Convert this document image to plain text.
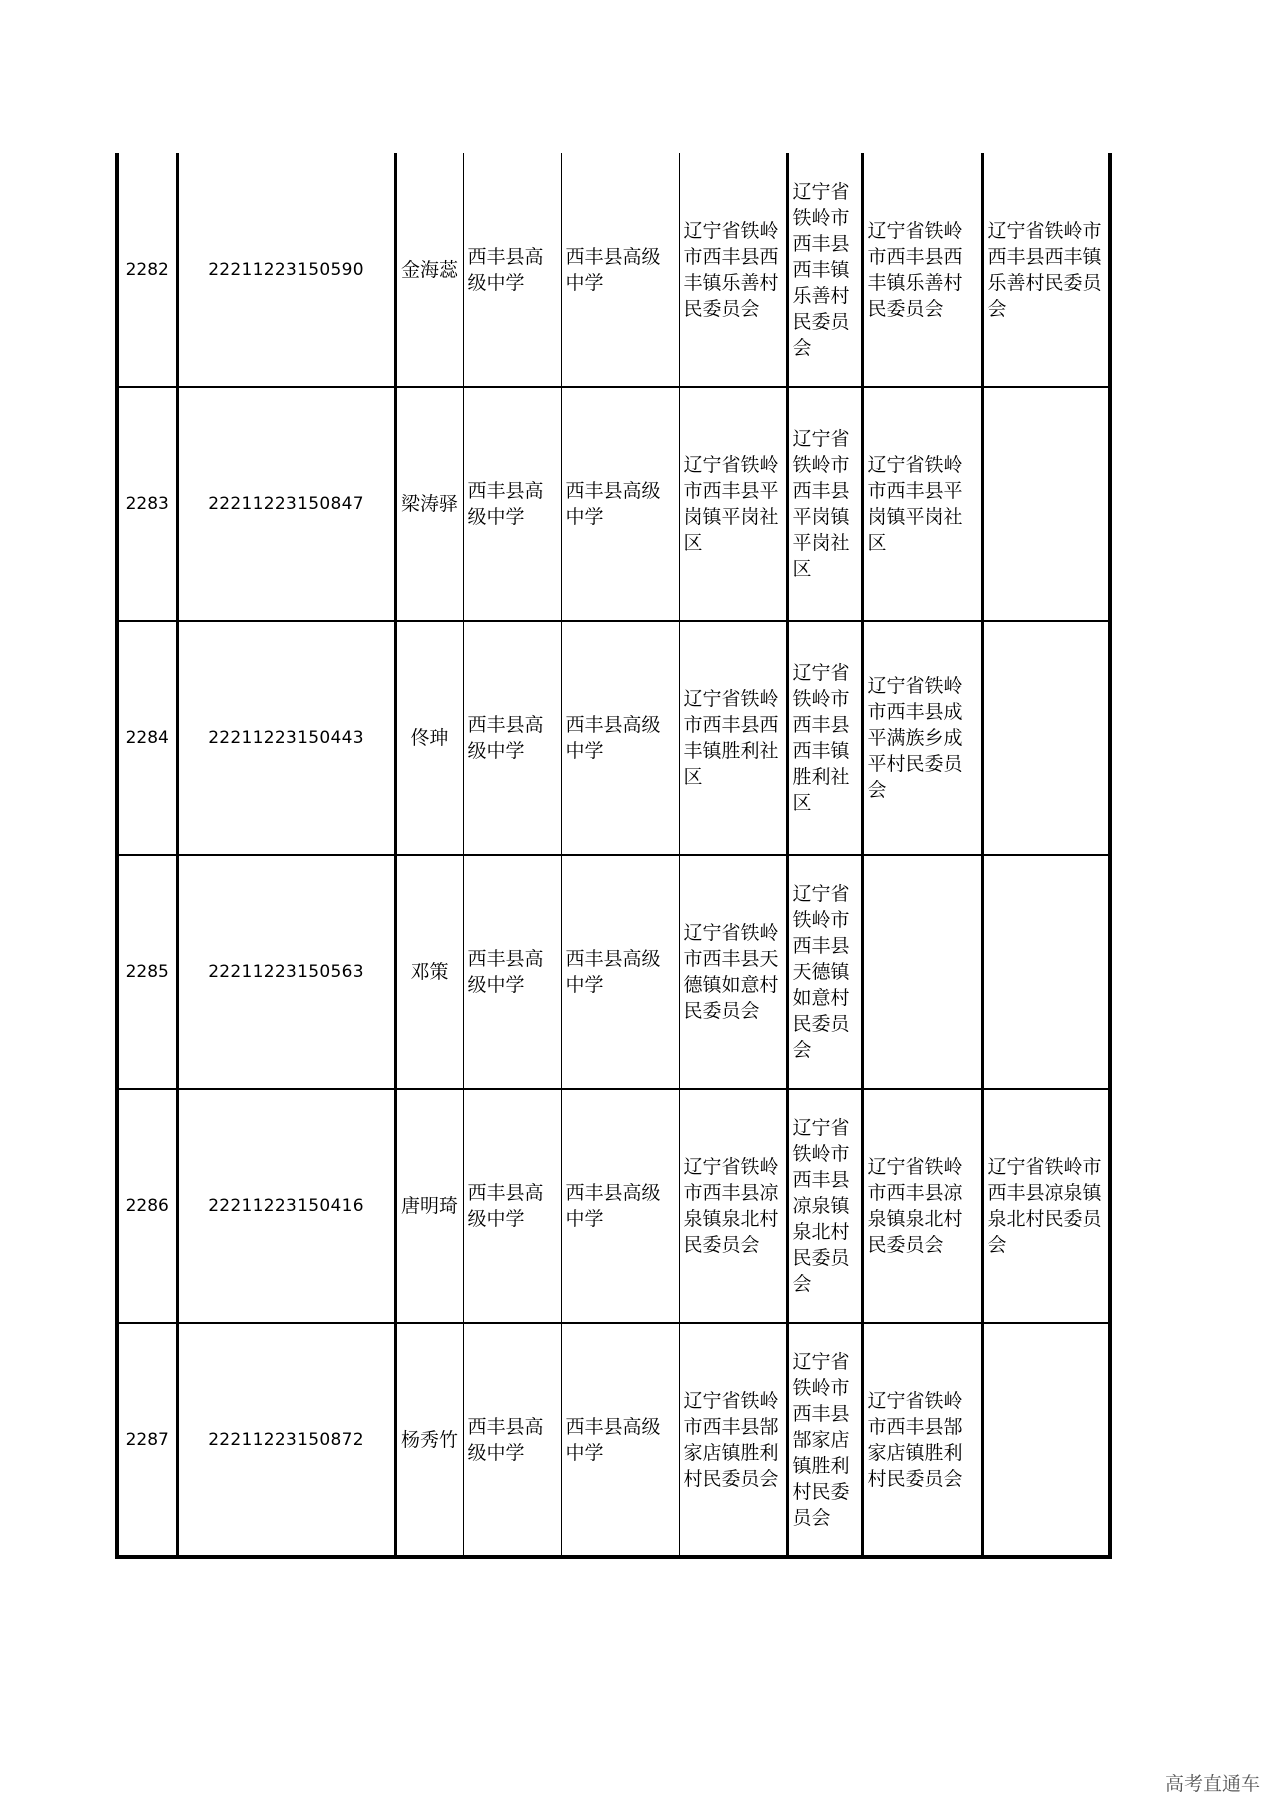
2282	22211223150590	金海蕊	西丰县高级中学	西丰县高级中学	辽宁省铁岭市西丰县西丰镇乐善村民委员会	辽宁省铁岭市西丰县西丰镇乐善村民委员会	辽宁省铁岭市西丰县西丰镇乐善村民委员会	辽宁省铁岭市西丰县西丰镇乐善村民委员会
2283	22211223150847	梁涛驿	西丰县高级中学	西丰县高级中学	辽宁省铁岭市西丰县平岗镇平岗社区	辽宁省铁岭市西丰县平岗镇平岗社区	辽宁省铁岭市西丰县平岗镇平岗社区	
2284	22211223150443	佟珅	西丰县高级中学	西丰县高级中学	辽宁省铁岭市西丰县西丰镇胜利社区	辽宁省铁岭市西丰县西丰镇胜利社区	辽宁省铁岭市西丰县成平满族乡成平村民委员会	
2285	22211223150563	邓策	西丰县高级中学	西丰县高级中学	辽宁省铁岭市西丰县天德镇如意村民委员会	辽宁省铁岭市西丰县天德镇如意村民委员会		
2286	22211223150416	唐明琦	西丰县高级中学	西丰县高级中学	辽宁省铁岭市西丰县凉泉镇泉北村民委员会	辽宁省铁岭市西丰县凉泉镇泉北村民委员会	辽宁省铁岭市西丰县凉泉镇泉北村民委员会	辽宁省铁岭市西丰县凉泉镇泉北村民委员会
2287	22211223150872	杨秀竹	西丰县高级中学	西丰县高级中学	辽宁省铁岭市西丰县郜家店镇胜利村民委员会	辽宁省铁岭市西丰县郜家店镇胜利村民委员会	辽宁省铁岭市西丰县郜家店镇胜利村民委员会	
高考直通车
